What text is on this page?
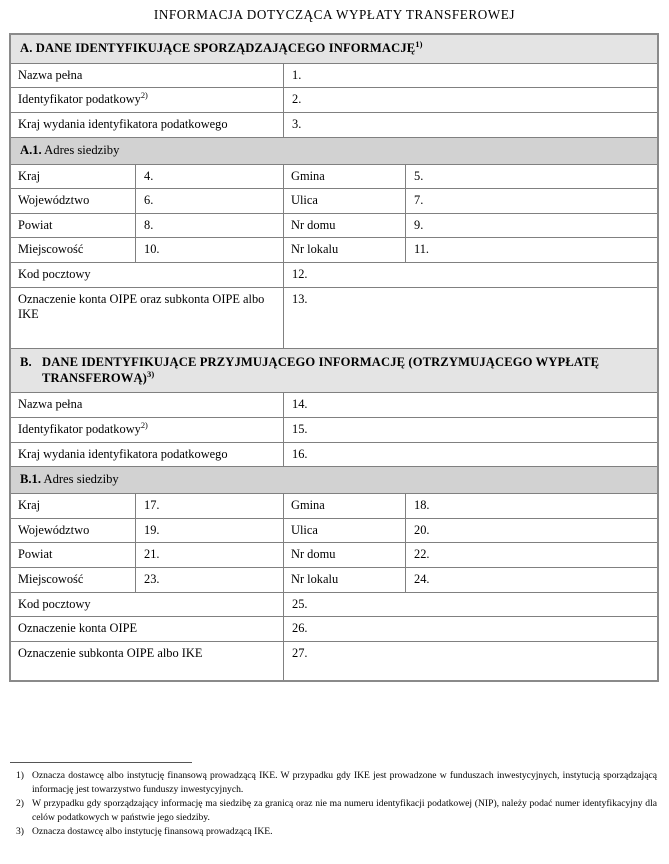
INFORMACJA DOTYCZĄCA WYPŁATY TRANSFEROWEJ
A. DANE IDENTYFIKUJĄCE SPORZĄDZAJĄCEGO INFORMACJĘ$^{1)}$
Nazwa pełna		1.	
Identyfikator podatkowy$^{2)}$		2.	
Kraj wydania identyfikatora podatkowego		3.	
A.1. Adres siedziby			
Kraj	4.	Gmina	5.
Województwo	6.	Ulica	7.
Powiat	8.	Nr domu	9.
Miejscowość	10.	Nr lokalu	11.
Kod pocztowy		12.	
Oznaczenie konta OIPE oraz subkonta OIPE albo IKE		13.	

B. DANE IDENTYFIKUJĄCE PRZYJMUJĄCEGO INFORMACJĘ (OTRZYMUJĄCEGO WYPŁATĘ TRANSFEROWĄ)$^{3)}$

Nazwa pełna		14.	
Identyfikator podatkowy$^{2)}$		15.	
Kraj wydania identyfikatora podatkowego		16.	
B.1. Adres siedziby			
Kraj	17.	Gmina	18.
Województwo	19.	Ulica	20.
Powiat	21.	Nr domu	22.
Miejscowość	23.	Nr lokalu	24.
Kod pocztowy		25.	
Oznaczenie konta OIPE		26.	
Oznaczenie subkonta OIPE albo IKE		27.	
1) Oznacza dostawcę albo instytucję finansową prowadzącą IKE. W przypadku gdy IKE jest prowadzone w funduszach inwestycyjnych, instytucją sporządzającą informację jest towarzystwo funduszy inwestycyjnych.
2) W przypadku gdy sporządzający informację ma siedzibę za granicą oraz nie ma numeru identyfikacji podatkowej (NIP), należy podać numer identyfikacyjny dla celów podatkowych w państwie jego siedziby.
3) Oznacza dostawcę albo instytucję finansową prowadzącą IKE.
